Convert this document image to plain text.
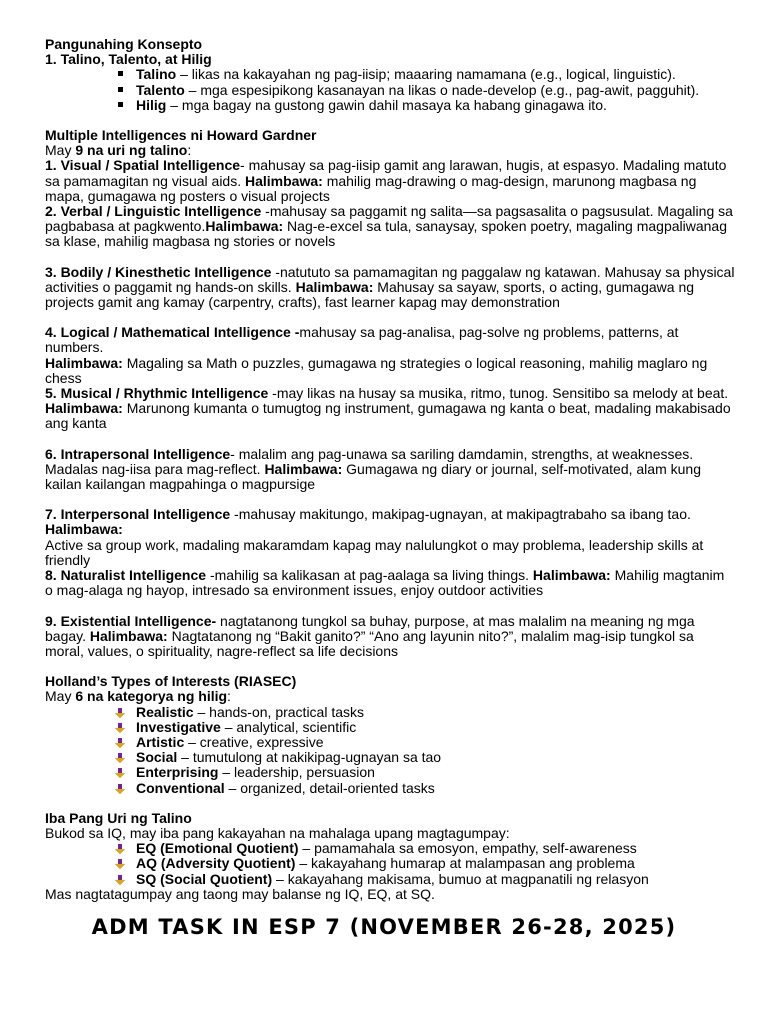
Pangunahing Konsepto

1. Talino, Talento, at Hilig

Talino – likas na kakayahan ng pag-iisip; maaaring namamana (e.g., logical, linguistic).
Talento – mga espesipikong kasanayan na likas o nade-develop (e.g., pag-awit, pagguhit).
Hilig – mga bagay na gustong gawin dahil masaya ka habang ginagawa ito.

Multiple Intelligences ni Howard Gardner

May 9 na uri ng talino:

1. Visual / Spatial Intelligence- mahusay sa pag-iisip gamit ang larawan, hugis, at espasyo. Madaling matuto sa pamamagitan ng visual aids. Halimbawa: mahilig mag-drawing o mag-design, marunong magbasa ng mapa, gumagawa ng posters o visual projects

2. Verbal / Linguistic Intelligence -mahusay sa paggamit ng salita—sa pagsasalita o pagsusulat. Magaling sa pagbabasa at pagkwento.Halimbawa: Nag-e-excel sa tula, sanaysay, spoken poetry, magaling magpaliwanag sa klase, mahilig magbasa ng stories or novels

3. Bodily / Kinesthetic Intelligence -natututo sa pamamagitan ng paggalaw ng katawan. Mahusay sa physical activities o paggamit ng hands-on skills. Halimbawa: Mahusay sa sayaw, sports, o acting, gumagawa ng projects gamit ang kamay (carpentry, crafts), fast learner kapag may demonstration

4. Logical / Mathematical Intelligence -mahusay sa pag-analisa, pag-solve ng problems, patterns, at numbers.

Halimbawa: Magaling sa Math o puzzles, gumagawa ng strategies o logical reasoning, mahilig maglaro ng chess

5. Musical / Rhythmic Intelligence -may likas na husay sa musika, ritmo, tunog. Sensitibo sa melody at beat.

Halimbawa: Marunong kumanta o tumugtog ng instrument, gumagawa ng kanta o beat, madaling makabisado ang kanta

6. Intrapersonal Intelligence- malalim ang pag-unawa sa sariling damdamin, strengths, at weaknesses. Madalas nag-iisa para mag-reflect. Halimbawa: Gumagawa ng diary or journal, self-motivated, alam kung kailan kailangan magpahinga o magpursige

7. Interpersonal Intelligence -mahusay makitungo, makipag-ugnayan, at makipagtrabaho sa ibang tao.

Halimbawa:

Active sa group work, madaling makaramdam kapag may nalulungkot o may problema, leadership skills at friendly

8. Naturalist Intelligence -mahilig sa kalikasan at pag-aalaga sa living things. Halimbawa: Mahilig magtanim o mag-alaga ng hayop, intresado sa environment issues, enjoy outdoor activities

9. Existential Intelligence- nagtatanong tungkol sa buhay, purpose, at mas malalim na meaning ng mga bagay. Halimbawa: Nagtatanong ng “Bakit ganito?” “Ano ang layunin nito?”, malalim mag-isip tungkol sa moral, values, o spirituality, nagre-reflect sa life decisions

Holland’s Types of Interests (RIASEC)

May 6 na kategorya ng hilig:

Realistic – hands-on, practical tasks
Investigative – analytical, scientific
Artistic – creative, expressive
Social – tumutulong at nakikipag-ugnayan sa tao
Enterprising – leadership, persuasion
Conventional – organized, detail-oriented tasks

Iba Pang Uri ng Talino

Bukod sa IQ, may iba pang kakayahan na mahalaga upang magtagumpay:

EQ (Emotional Quotient) – pamamahala sa emosyon, empathy, self-awareness
AQ (Adversity Quotient) – kakayahang humarap at malampasan ang problema
SQ (Social Quotient) – kakayahang makisama, bumuo at magpanatili ng relasyon

Mas nagtatagumpay ang taong may balanse ng IQ, EQ, at SQ.

ADM TASK IN ESP 7 (NOVEMBER 26-28, 2025)
